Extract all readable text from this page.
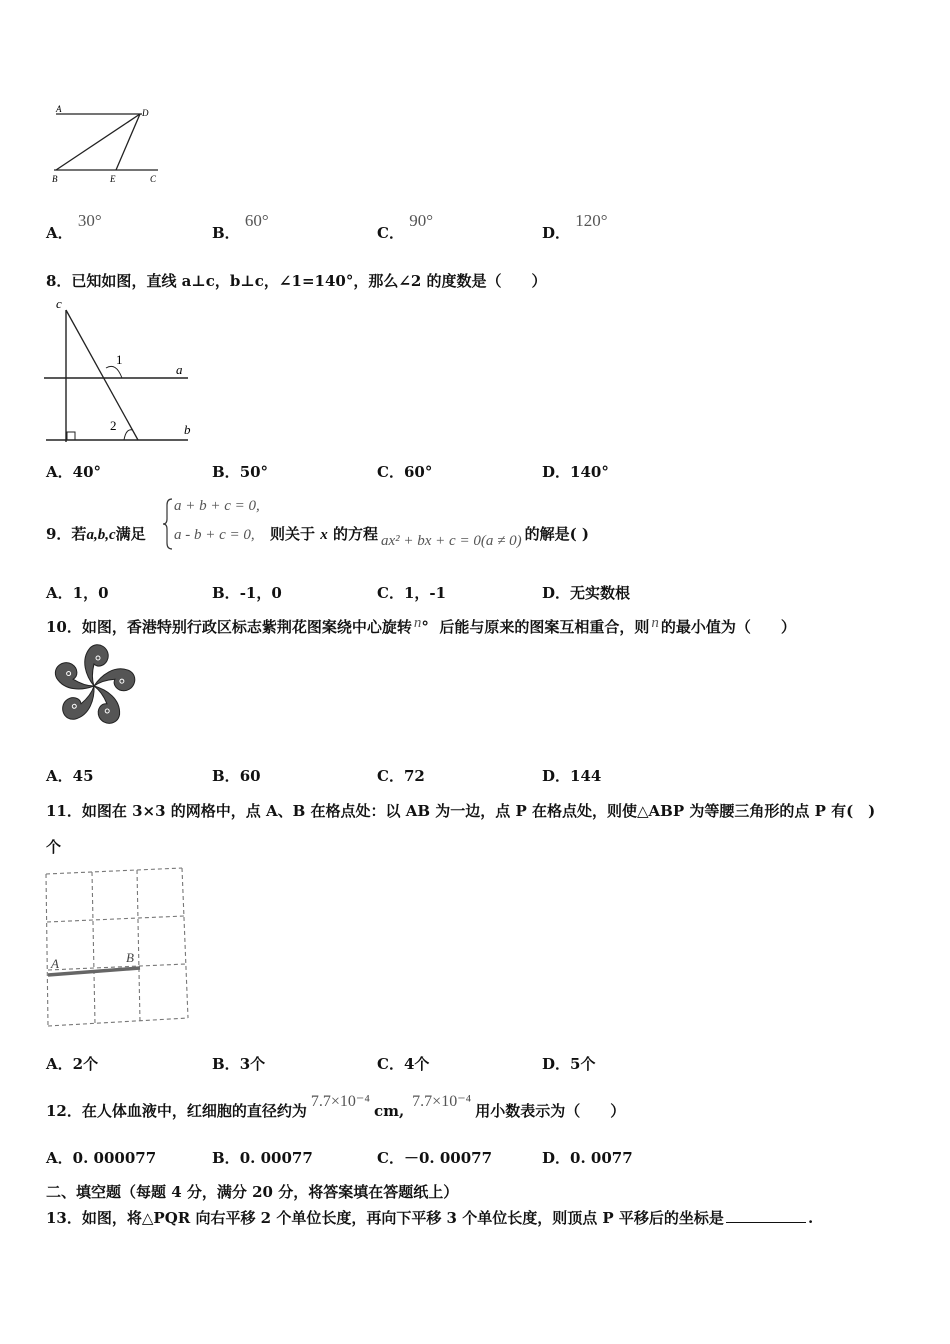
A	D
B	E	C
A． 30°
B． 60°
C． 90°
D． 120°
8．已知如图，直线 a⊥c，b⊥c，∠1=140°，那么∠2 的度数是（　　）
c
a
b
1
2
A．40°	B．50°	C．60°	D．140°
9．若a,b,c满足
a + b + c = 0,
a - b + c = 0, 则关于 x 的方程 ax² + bx + c = 0(a ≠ 0) 的解是( )
A．1，0	B．-1，0	C．1，-1	D．无实数根
10．如图，香港特别行政区标志紫荆花图案绕中心旋转 n° 后能与原来的图案互相重合，则 n 的最小值为（　　）
A．45	B．60	C．72	D．144
11．如图在 3×3 的网格中，点 A、B 在格点处：以 AB 为一边，点 P 在格点处，则使△ABP 为等腰三角形的点 P 有(　)
个
A	B
A．2个	B．3个	C．4个	D．5个
12．在人体血液中，红细胞的直径约为7.7×10⁻⁴cm,7.7×10⁻⁴用小数表示为（　　）
A．0. 000077	B．0. 00077	C．－0. 00077	D．0. 0077
二、填空题（每题 4 分，满分 20 分，将答案填在答题纸上）
13．如图，将△PQR 向右平移 2 个单位长度，再向下平移 3 个单位长度，则顶点 P 平移后的坐标是	.
